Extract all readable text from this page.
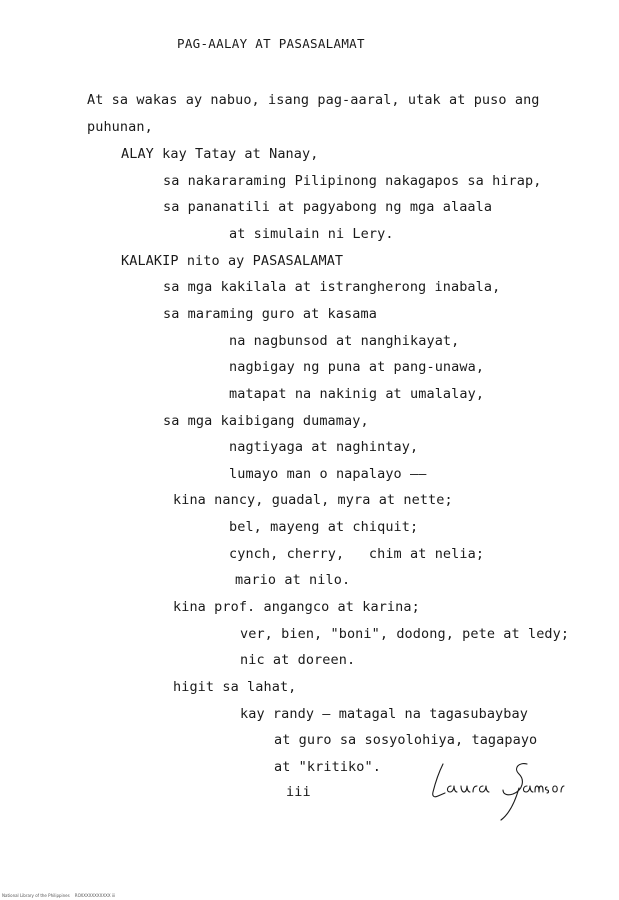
PAG-AALAY AT PASASALAMAT
At sa wakas ay nabuo, isang pag-aaral, utak at puso ang
puhunan,
ALAY kay Tatay at Nanay,
sa nakararaming Pilipinong nakagapos sa hirap,
sa pananatili at pagyabong ng mga alaala
at simulain ni Lery.
KALAKIP nito ay PASASALAMAT
sa mga kakilala at istrangherong inabala,
sa maraming guro at kasama
na nagbunsod at nanghikayat,
nagbigay ng puna at pang-unawa,
matapat na nakinig at umalalay,
sa mga kaibigang dumamay,
nagtiyaga at naghintay,
lumayo man o napalayo ——
kina nancy, guadal, myra at nette;
bel, mayeng at chiquit;
cynch, cherry,   chim at nelia;
mario at nilo.
kina prof. angangco at karina;
ver, bien, "boni", dodong, pete at ledy;
nic at doreen.
higit sa lahat,
kay randy — matagal na tagasubaybay
at guro sa sosyolohiya, tagapayo
at "kritiko".
iii
National Library of the Philippines    ROXXXXXXXXXXX iii
